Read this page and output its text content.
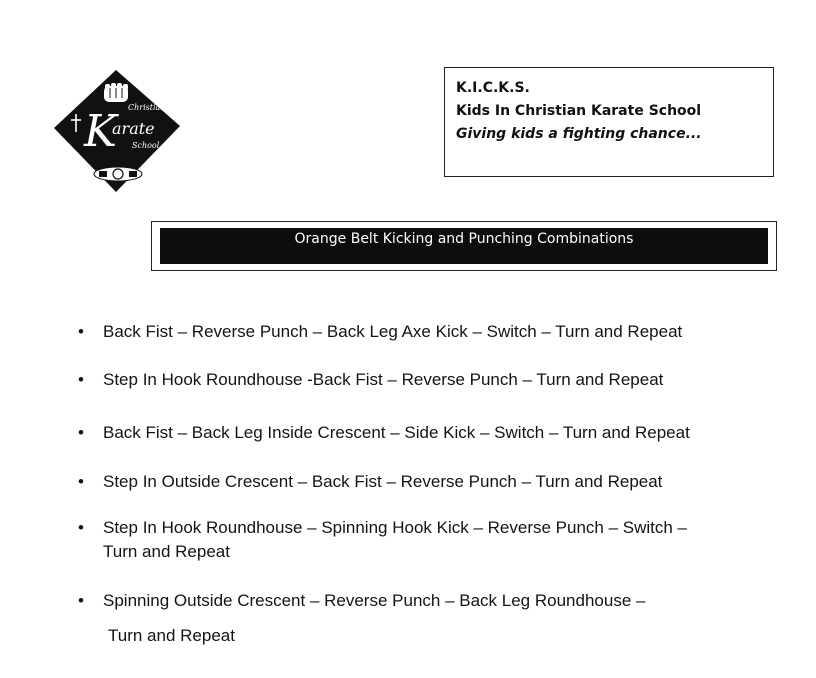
K
arate
Christian
School
K.I.C.K.S.
Kids In Christian Karate School
Giving kids a fighting chance...
Orange Belt Kicking and Punching Combinations
•	Back Fist – Reverse Punch – Back Leg Axe Kick – Switch – Turn and Repeat
•	Step In Hook Roundhouse -Back Fist – Reverse Punch – Turn and Repeat
•	Back Fist – Back Leg Inside Crescent – Side Kick – Switch – Turn and Repeat
•	Step In Outside Crescent – Back Fist – Reverse Punch – Turn and Repeat
•	Step In Hook Roundhouse – Spinning Hook Kick – Reverse Punch – Switch –
Turn and Repeat
•	Spinning Outside Crescent – Reverse Punch – Back Leg Roundhouse –
Turn and Repeat
